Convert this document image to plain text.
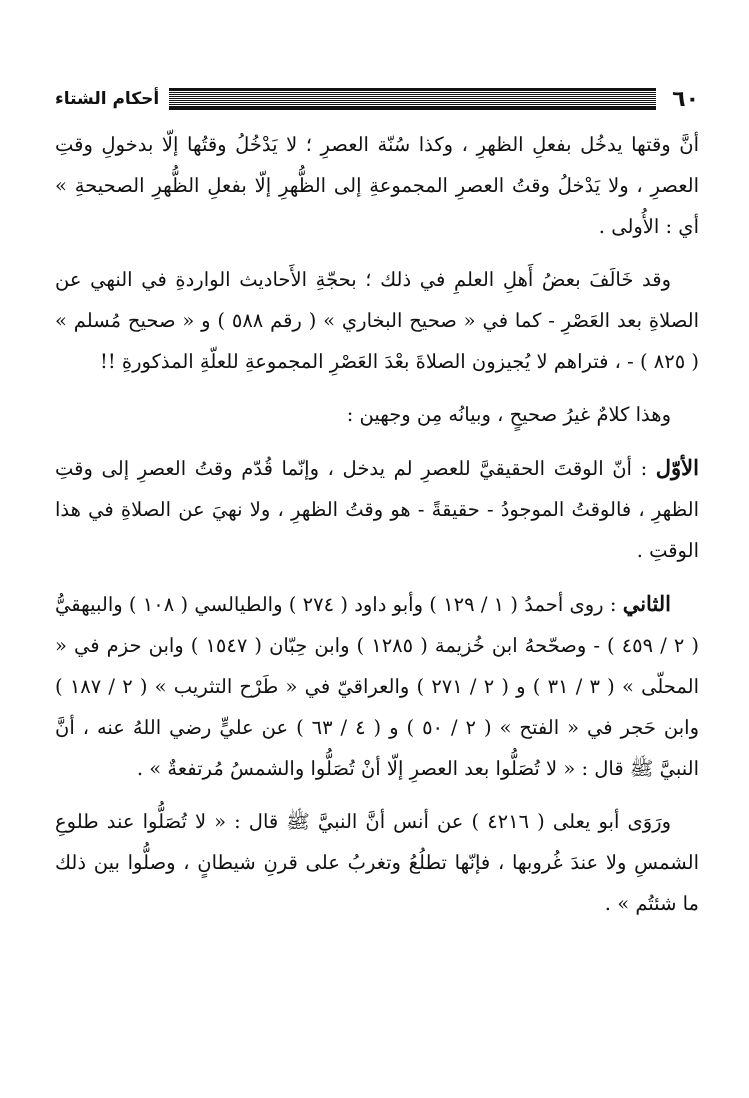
٦٠
أحكام الشتاء

أنَّ وقتها يدخُل بفعلِ الظهرِ ، وكذا سُنّة العصرِ ؛ لا يَدْخُلُ وقتُها إلّا بدخولِ وقتِ العصرِ ، ولا يَدْخلُ وقتُ العصرِ المجموعةِ إلى الظُّهرِ إلّا بفعلِ الظُّهرِ الصحيحةِ » أي : الأُولى .

وقد خَالَفَ بعضُ أَهلِ العلمِ في ذلك ؛ بحجّةِ الأَحاديث الواردةِ في النهي عن الصلاةِ بعد العَصْرِ - كما في « صحيح البخاري » ( رقم ٥٨٨ ) و « صحيح مُسلم » ( ٨٢٥ ) - ، فتراهم لا يُجيزون الصلاةَ بعْدَ العَصْرِ المجموعةِ للعلّةِ المذكورةِ !!

وهذا كلامٌ غيرُ صحيحٍ ، وبيانُه مِن وجهين :

الأوّل : أنّ الوقتَ الحقيقيَّ للعصرِ لم يدخل ، وإنّما قُدّم وقتُ العصرِ إلى وقتِ الظهرِ ، فالوقتُ الموجودُ - حقيقةً - هو وقتُ الظهرِ ، ولا نهيَ عن الصلاةِ في هذا الوقتِ .

الثاني : روى أحمدُ ( ١ / ١٢٩ ) وأبو داود ( ٢٧٤ ) والطيالسي ( ١٠٨ ) والبيهقيُّ ( ٢ / ٤٥٩ ) - وصحّحهُ ابن خُزيمة ( ١٢٨٥ ) وابن حِبّان ( ١٥٤٧ ) وابن حزم في « المحلّى » ( ٣ / ٣١ ) و ( ٢ / ٢٧١ ) والعراقيّ في « طَرْح التثريب » ( ٢ / ١٨٧ ) وابن حَجر في « الفتح » ( ٢ / ٥٠ ) و ( ٤ / ٦٣ ) عن عليٍّ رضي اللهُ عنه ، أنَّ النبيَّ ﷺ قال : « لا تُصَلُّوا بعد العصرِ إلّا أنْ تُصَلُّوا والشمسُ مُرتفعةٌ » .

ورَوَى أبو يعلى ( ٤٢١٦ ) عن أنس أنَّ النبيَّ ﷺ قال : « لا تُصَلُّوا عند طلوعِ الشمسِ ولا عندَ غُروبها ، فإنّها تطلُعُ وتغربُ على قرنِ شيطانٍ ، وصلُّوا بين ذلك ما شئتُم » .
